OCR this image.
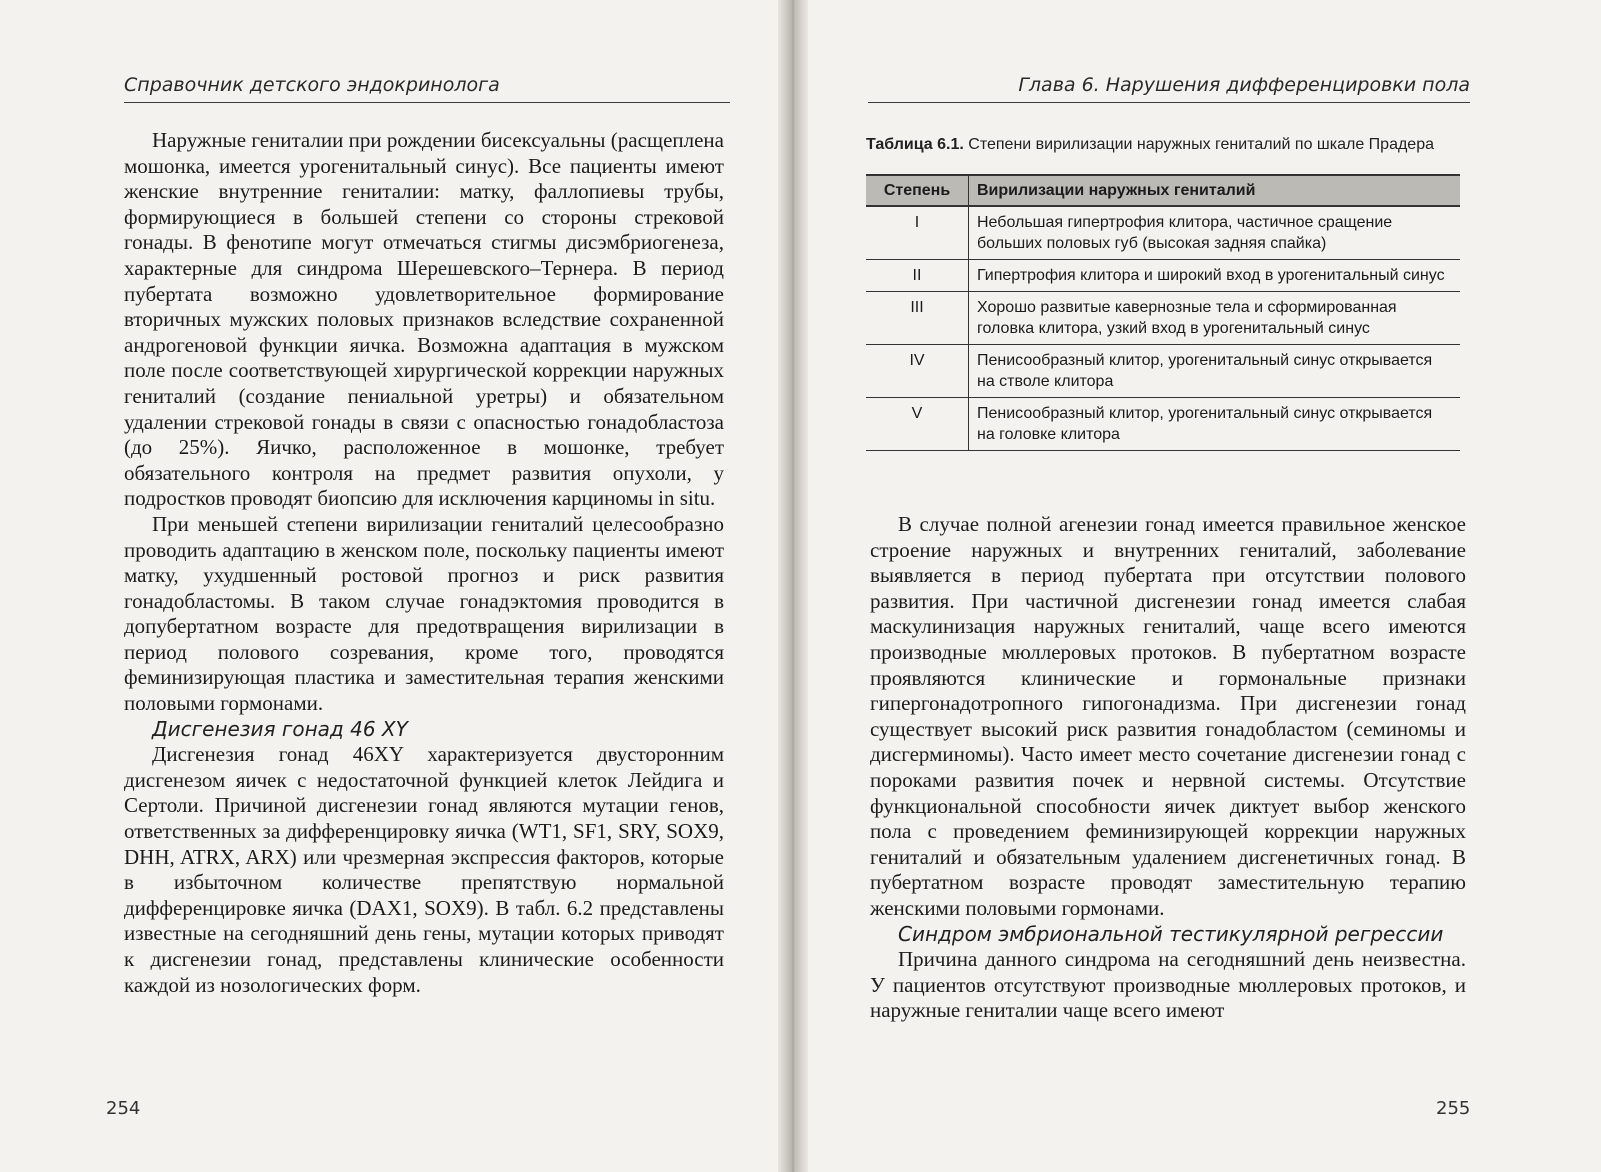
Справочник детского эндокринолога

Наружные гениталии при рождении бисексуальны (расщеплена мошонка, имеется урогенитальный синус). Все пациенты имеют женские внутренние гениталии: матку, фаллопиевы трубы, формирующиеся в большей степени со стороны стрековой гонады. В фенотипе могут отмечаться стигмы дисэмбриогенеза, характерные для синдрома Шерешевского–Тернера. В период пубертата возможно удовлетворительное формирование вторичных мужских половых признаков вследствие сохраненной андрогеновой функции яичка. Возможна адаптация в мужском поле после соответствующей хирургической коррекции наружных гениталий (создание пениальной уретры) и обязательном удалении стрековой гонады в связи с опасностью гонадобластоза (до 25%). Яичко, расположенное в мошонке, требует обязательного контроля на предмет развития опухоли, у подростков проводят биопсию для исключения карциномы in situ.

При меньшей степени вирилизации гениталий целесообразно проводить адаптацию в женском поле, поскольку пациенты имеют матку, ухудшенный ростовой прогноз и риск развития гонадобластомы. В таком случае гонадэктомия проводится в допубертатном возрасте для предотвращения вирилизации в период полового созревания, кроме того, проводятся феминизирующая пластика и заместительная терапия женскими половыми гормонами.

Дисгенезия гонад 46 XY

Дисгенезия гонад 46XY характеризуется двусторонним дисгенезом яичек с недостаточной функцией клеток Лейдига и Сертоли. Причиной дисгенезии гонад являются мутации генов, ответственных за дифференцировку яичка (WT1, SF1, SRY, SOX9, DHH, ATRX, ARX) или чрезмерная экспрессия факторов, которые в избыточном количестве препятствую нормальной дифференцировке яичка (DAX1, SOX9). В табл. 6.2 представлены известные на сегодняшний день гены, мутации которых приводят к дисгенезии гонад, представлены клинические особенности каждой из нозологических форм.

254
Глава 6. Нарушения дифференцировки пола
Таблица 6.1. Степени вирилизации наружных гениталий по шкале Прадера
Степень	Вирилизации наружных гениталий
I	Небольшая гипертрофия клитора, частичное сращение больших половых губ (высокая задняя спайка)
II	Гипертрофия клитора и широкий вход в урогенитальный синус
III	Хорошо развитые кавернозные тела и сформированная головка клитора, узкий вход в урогенитальный синус
IV	Пенисообразный клитор, урогенитальный синус открывается на стволе клитора
V	Пенисообразный клитор, урогенитальный синус открывается на головке клитора

В случае полной агенезии гонад имеется правильное женское строение наружных и внутренних гениталий, заболевание выявляется в период пубертата при отсутствии полового развития. При частичной дисгенезии гонад имеется слабая маскулинизация наружных гениталий, чаще всего имеются производные мюллеровых протоков. В пубертатном возрасте проявляются клинические и гормональные признаки гипергонадотропного гипогонадизма. При дисгенезии гонад существует высокий риск развития гонадобластом (семиномы и дисгерминомы). Часто имеет место сочетание дисгенезии гонад с пороками развития почек и нервной системы. Отсутствие функциональной способности яичек диктует выбор женского пола с проведением феминизирующей коррекции наружных гениталий и обязательным удалением дисгенетичных гонад. В пубертатном возрасте проводят заместительную терапию женскими половыми гормонами.

Синдром эмбриональной тестикулярной регрессии

Причина данного синдрома на сегодняшний день неизвестна. У пациентов отсутствуют производные мюллеровых протоков, и наружные гениталии чаще всего имеют

255
